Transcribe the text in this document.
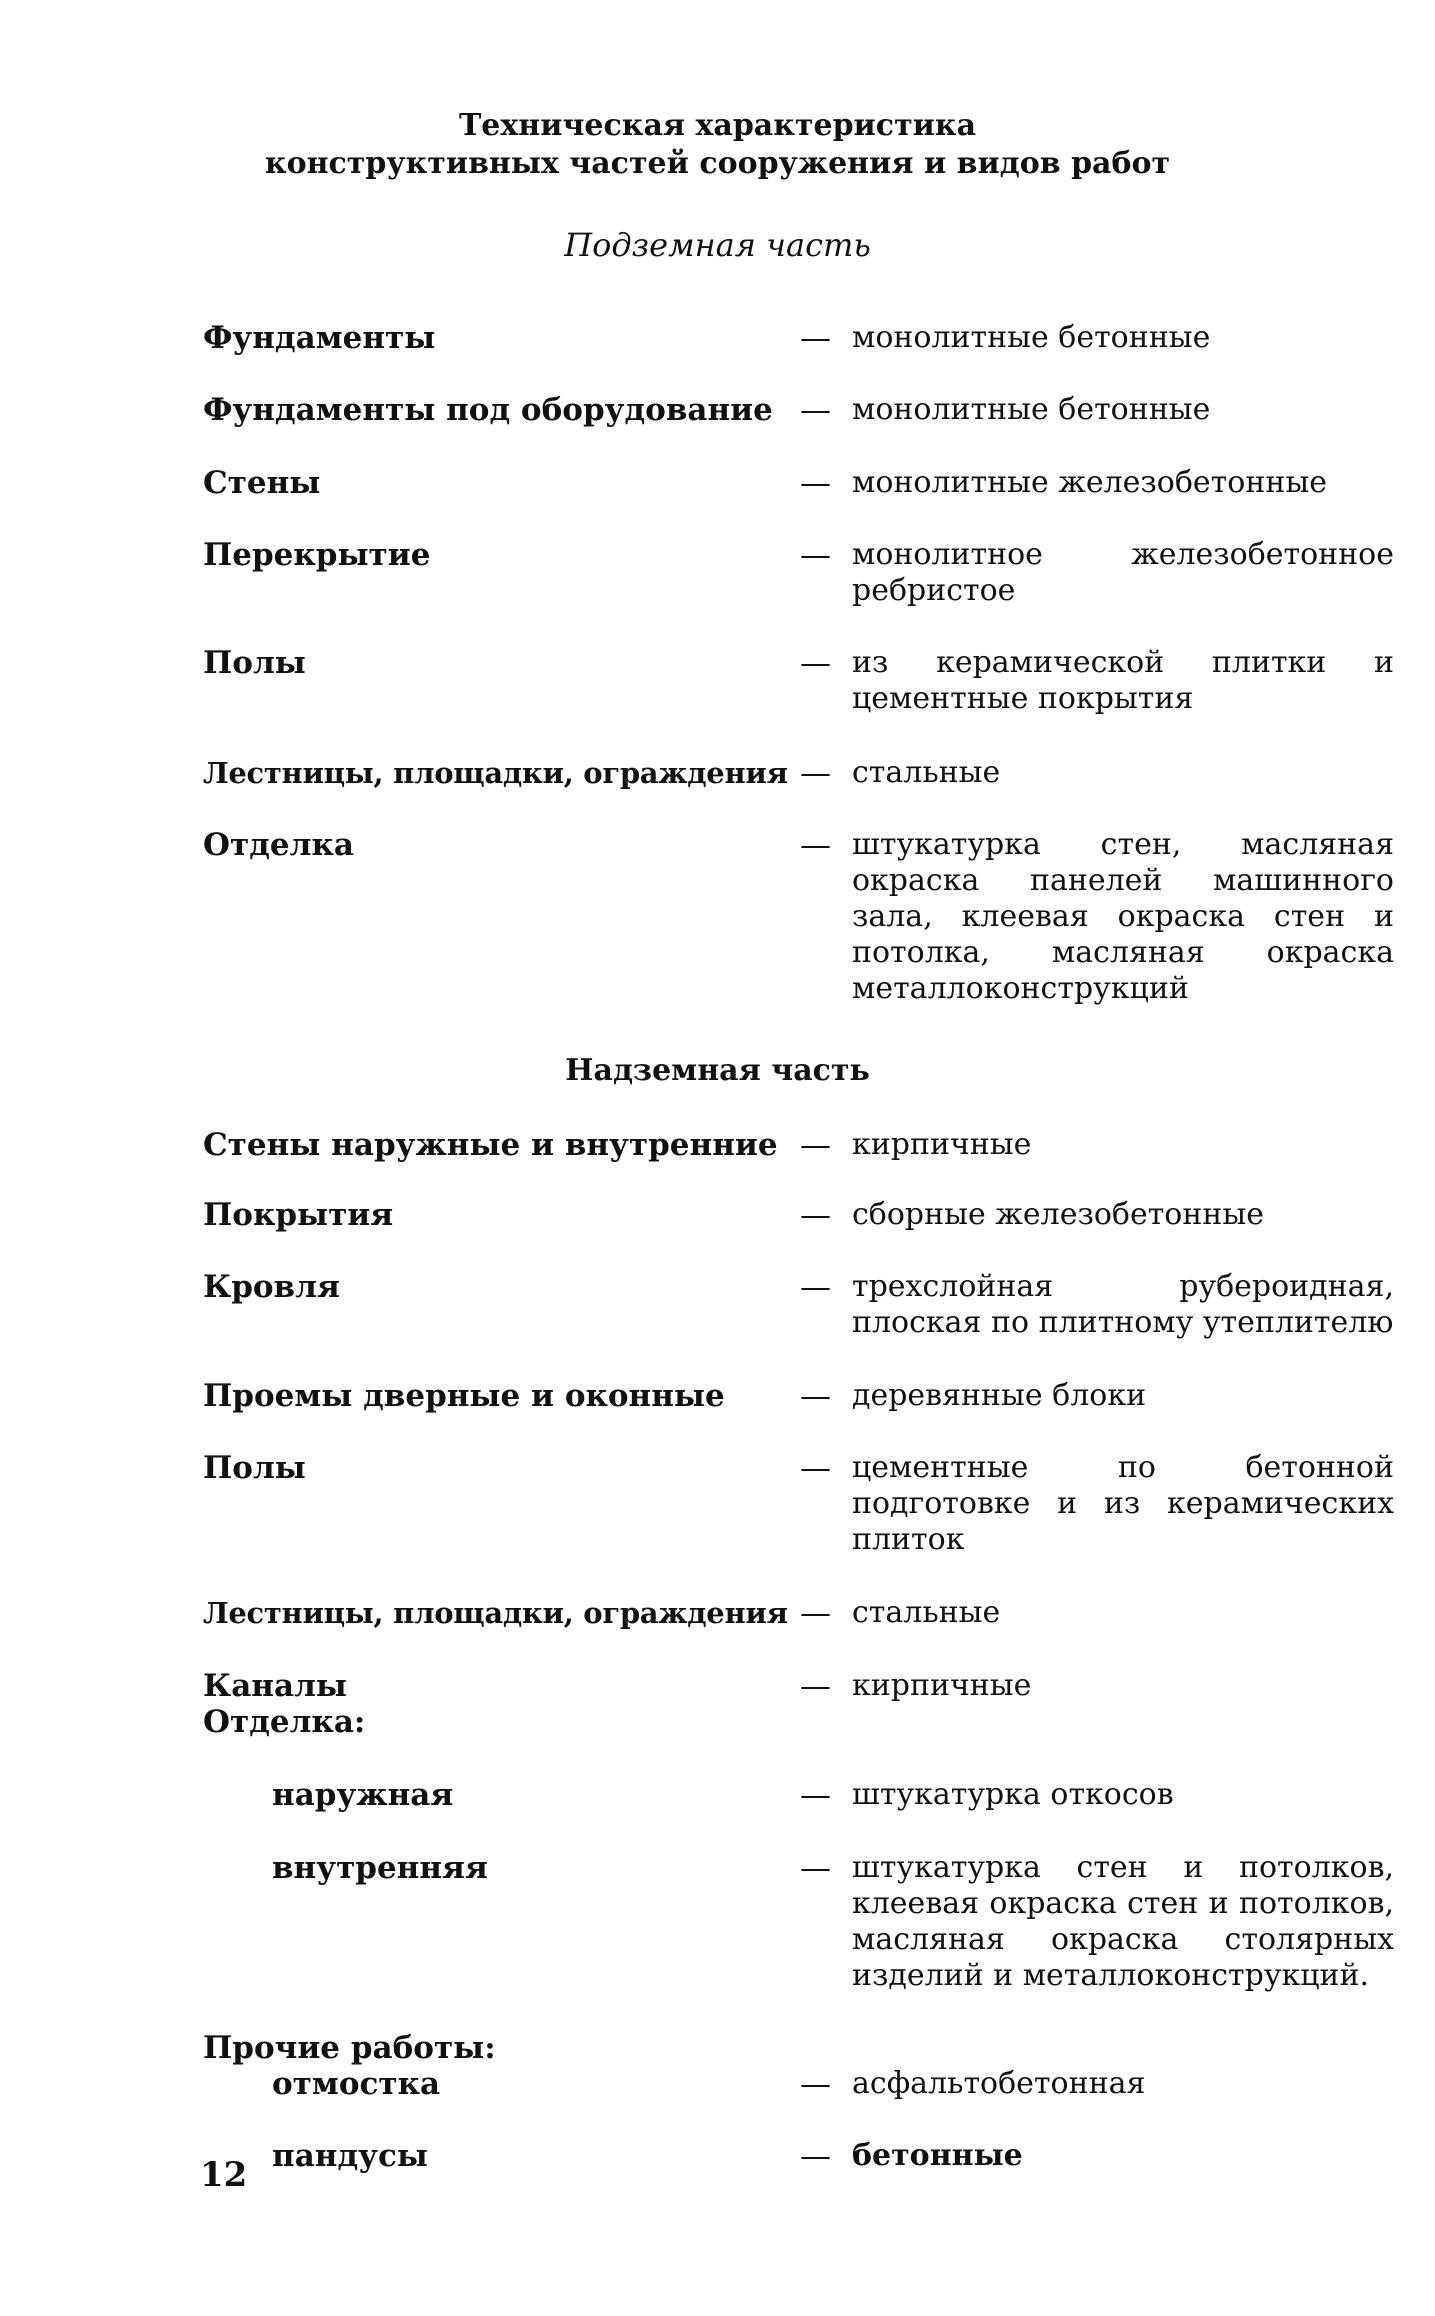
Техническая характеристика
конструктивных частей сооружения и видов работ
Подземная часть
Фундаменты	— монолитные бетонные
Фундаменты под оборудование — монолитные бетонные
Стены	— монолитные железобетонные
Перекрытие	— монолитное железобетонное ребристое
Полы	— из керамической плитки и цементные покрытия
Лестницы, площадки, ограждения — стальные
Отделка	— штукатурка стен, масляная окраска панелей машинного зала, клеевая окраска стен и потолка, масляная окраска металлоконструкций
Надземная часть
Стены наружные и внутренние — кирпичные
Покрытия	— сборные железобетонные
Кровля	— трехслойная рубероидная, плоская по плитному утеплителю
Проемы дверные и оконные — деревянные блоки
Полы	— цементные по бетонной подготовке и из керамических плиток
Лестницы, площадки, ограждения — стальные
Каналы	— кирпичные
Отделка:
наружная	— штукатурка откосов
внутренняя	— штукатурка стен и потолков, клеевая окраска стен и потолков, масляная окраска столярных изделий и металлоконструкций.
Прочие работы:
отмостка	— асфальтобетонная
пандусы	— бетонные
12
